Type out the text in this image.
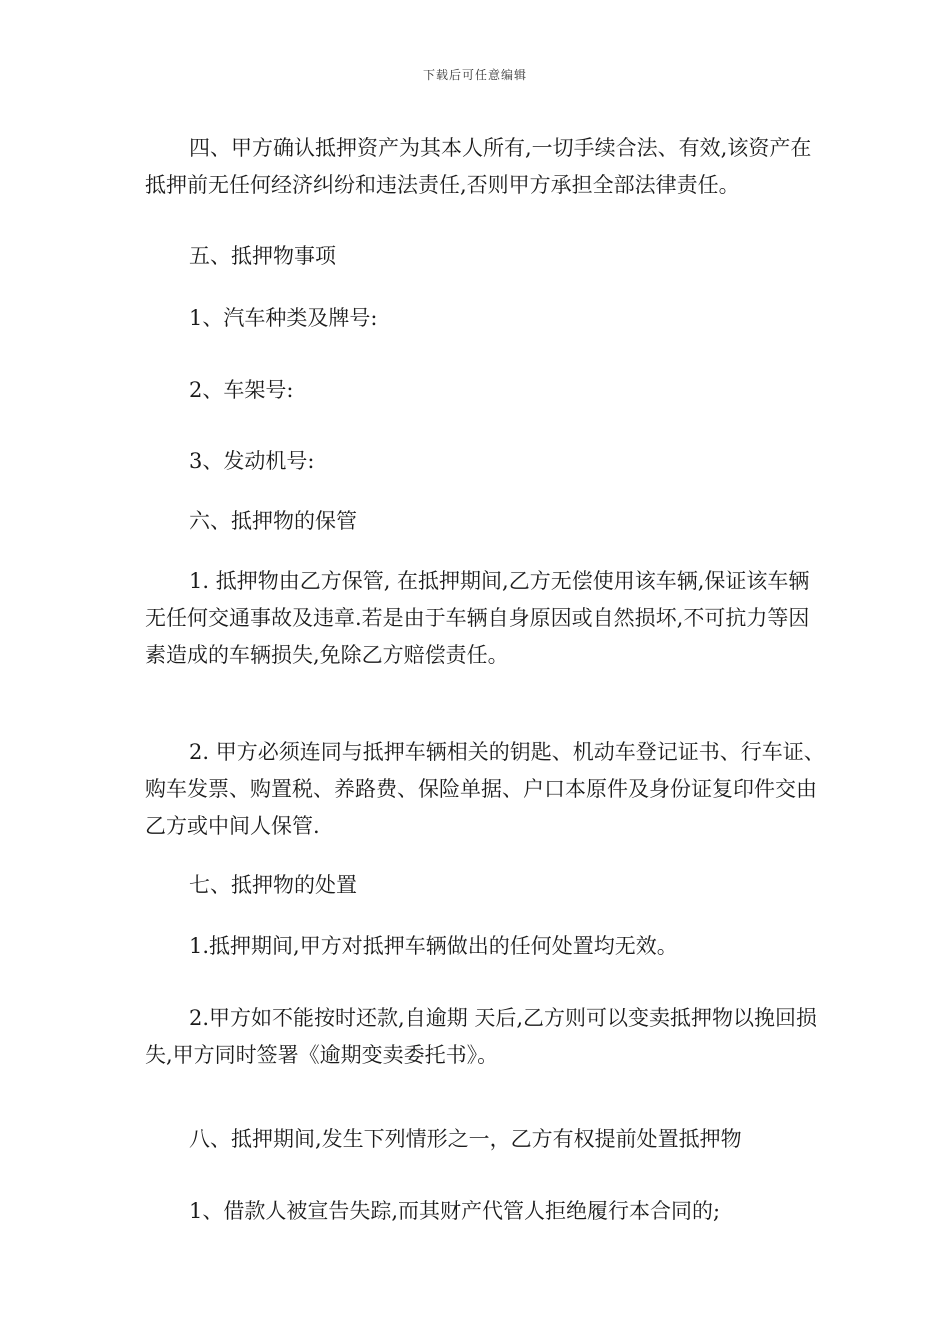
下载后可任意编辑

四、甲方确认抵押资产为其本人所有,一切手续合法、有效,该资产在抵押前无任何经济纠纷和违法责任,否则甲方承担全部法律责任。

五、抵押物事项

1、汽车种类及牌号:

2、车架号:

3、发动机号:

六、抵押物的保管

1. 抵押物由乙方保管, 在抵押期间,乙方无偿使用该车辆,保证该车辆无任何交通事故及违章.若是由于车辆自身原因或自然损坏,不可抗力等因素造成的车辆损失,免除乙方赔偿责任。

2. 甲方必须连同与抵押车辆相关的钥匙、机动车登记证书、行车证、购车发票、购置税、养路费、保险单据、户口本原件及身份证复印件交由乙方或中间人保管.

七、抵押物的处置

1.抵押期间,甲方对抵押车辆做出的任何处置均无效。

2.甲方如不能按时还款,自逾期 天后,乙方则可以变卖抵押物以挽回损失,甲方同时签署《逾期变卖委托书》。

八、抵押期间,发生下列情形之一，乙方有权提前处置抵押物

1、借款人被宣告失踪,而其财产代管人拒绝履行本合同的;
